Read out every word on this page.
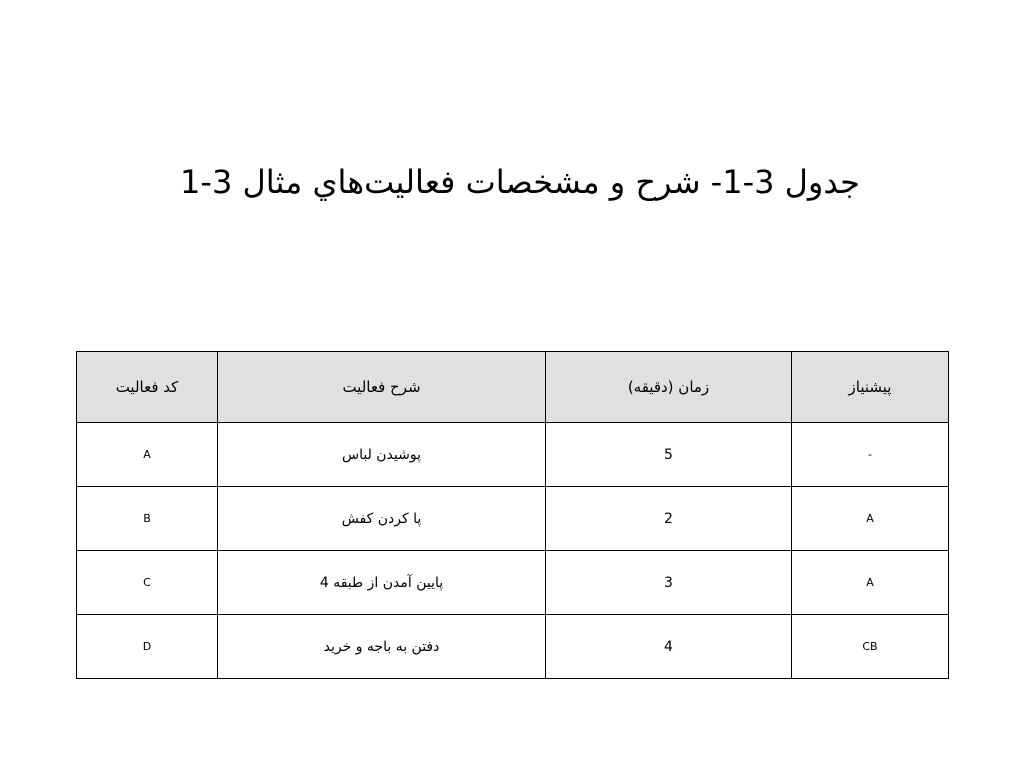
جدول 3-1- شرح و مشخصات فعاليت‌هاي مثال 3-1
پيشنياز	زمان (دقيقه)	شرح فعاليت	كد فعاليت
-	5	پوشيدن لباس	A
A	2	پا كردن كفش	B
A	3	پايين آمدن از طبقه 4	C
CB	4	دفتن به باجه و خريد	D
